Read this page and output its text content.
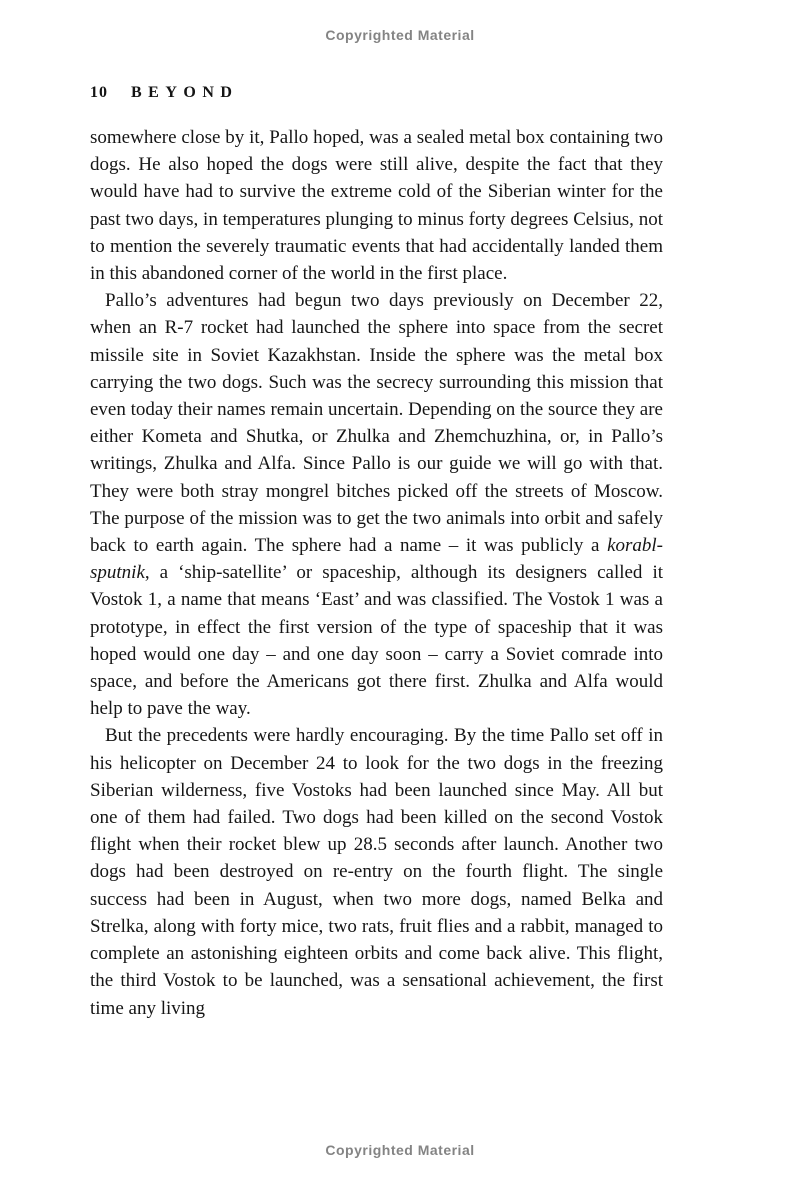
Copyrighted Material
10 BEYOND

somewhere close by it, Pallo hoped, was a sealed metal box containing two dogs. He also hoped the dogs were still alive, despite the fact that they would have had to survive the extreme cold of the Siberian winter for the past two days, in temperatures plunging to minus forty degrees Celsius, not to mention the severely traumatic events that had accidentally landed them in this abandoned corner of the world in the first place.

Pallo’s adventures had begun two days previously on December 22, when an R-7 rocket had launched the sphere into space from the secret missile site in Soviet Kazakhstan. Inside the sphere was the metal box carrying the two dogs. Such was the secrecy surrounding this mission that even today their names remain uncertain. Depending on the source they are either Kometa and Shutka, or Zhulka and Zhemchuzhina, or, in Pallo’s writings, Zhulka and Alfa. Since Pallo is our guide we will go with that. They were both stray mongrel bitches picked off the streets of Moscow. The purpose of the mission was to get the two animals into orbit and safely back to earth again. The sphere had a name – it was publicly a korabl-sputnik, a ‘ship-satellite’ or spaceship, although its designers called it Vostok 1, a name that means ‘East’ and was classified. The Vostok 1 was a prototype, in effect the first version of the type of spaceship that it was hoped would one day – and one day soon – carry a Soviet comrade into space, and before the Americans got there first. Zhulka and Alfa would help to pave the way.

But the precedents were hardly encouraging. By the time Pallo set off in his helicopter on December 24 to look for the two dogs in the freezing Siberian wilderness, five Vostoks had been launched since May. All but one of them had failed. Two dogs had been killed on the second Vostok flight when their rocket blew up 28.5 seconds after launch. Another two dogs had been destroyed on re-entry on the fourth flight. The single success had been in August, when two more dogs, named Belka and Strelka, along with forty mice, two rats, fruit flies and a rabbit, managed to complete an astonishing eighteen orbits and come back alive. This flight, the third Vostok to be launched, was a sensational achievement, the first time any living

Copyrighted Material
